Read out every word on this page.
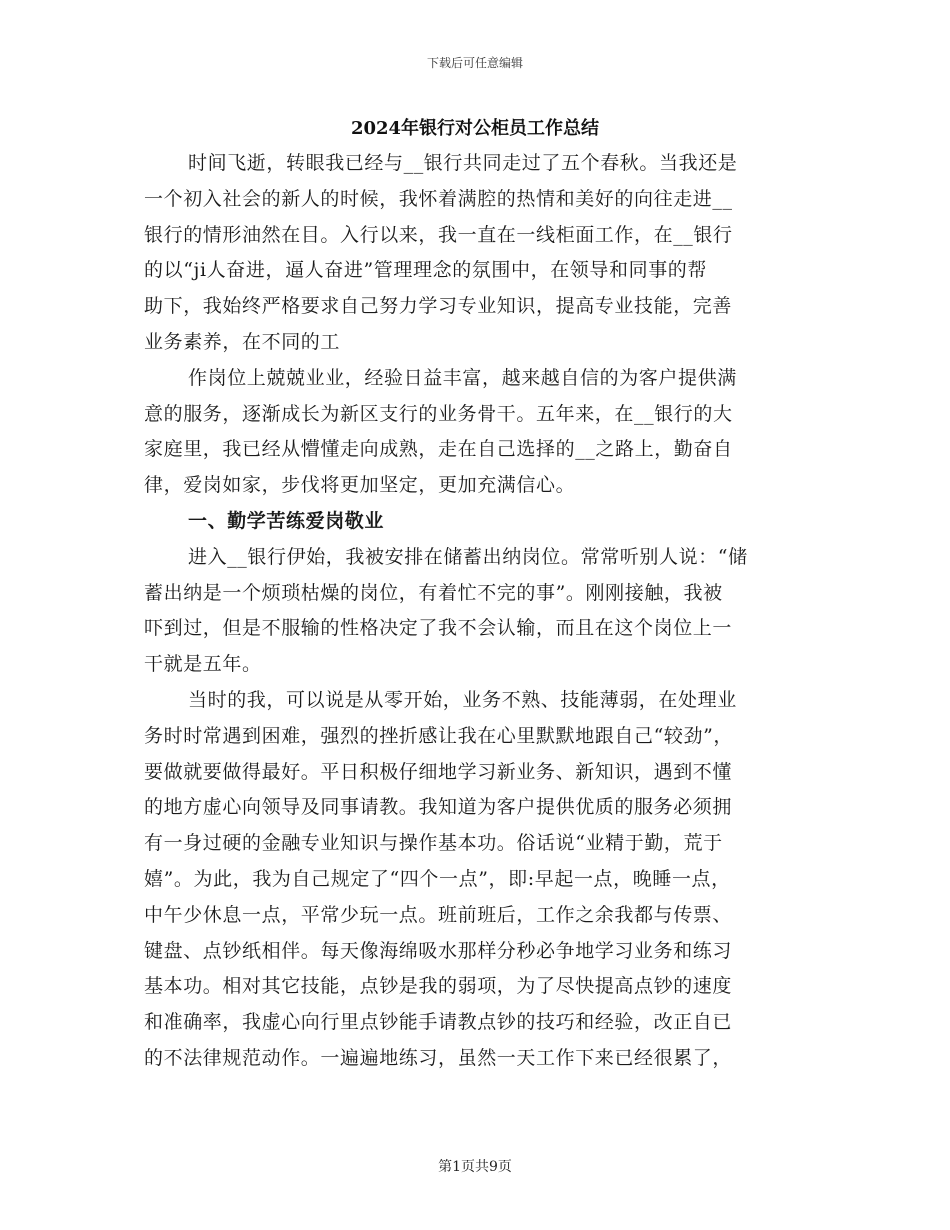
下载后可任意编辑
2024年银行对公柜员工作总结
时间飞逝，转眼我已经与__银行共同走过了五个春秋。当我还是
一个初入社会的新人的时候，我怀着满腔的热情和美好的向往走进__
银行的情形油然在目。入行以来，我一直在一线柜面工作，在__银行
的以“ji人奋进，逼人奋进”管理理念的氛围中，在领导和同事的帮
助下，我始终严格要求自己努力学习专业知识，提高专业技能，完善
业务素养，在不同的工
作岗位上兢兢业业，经验日益丰富，越来越自信的为客户提供满
意的服务，逐渐成长为新区支行的业务骨干。五年来，在__银行的大
家庭里，我已经从懵懂走向成熟，走在自己选择的__之路上，勤奋自
律，爱岗如家，步伐将更加坚定，更加充满信心。
一、勤学苦练爱岗敬业
进入__银行伊始，我被安排在储蓄出纳岗位。常常听别人说：“储
蓄出纳是一个烦琐枯燥的岗位，有着忙不完的事”。刚刚接触，我被
吓到过，但是不服输的性格决定了我不会认输，而且在这个岗位上一
干就是五年。
当时的我，可以说是从零开始，业务不熟、技能薄弱，在处理业
务时时常遇到困难，强烈的挫折感让我在心里默默地跟自己“较劲”，
要做就要做得最好。平日积极仔细地学习新业务、新知识，遇到不懂
的地方虚心向领导及同事请教。我知道为客户提供优质的服务必须拥
有一身过硬的金融专业知识与操作基本功。俗话说“业精于勤，荒于
嬉”。为此，我为自己规定了“四个一点”，即:早起一点，晚睡一点，
中午少休息一点，平常少玩一点。班前班后，工作之余我都与传票、
键盘、点钞纸相伴。每天像海绵吸水那样分秒必争地学习业务和练习
基本功。相对其它技能，点钞是我的弱项，为了尽快提高点钞的速度
和准确率，我虚心向行里点钞能手请教点钞的技巧和经验，改正自已
的不法律规范动作。一遍遍地练习，虽然一天工作下来已经很累了，
第1页共9页
